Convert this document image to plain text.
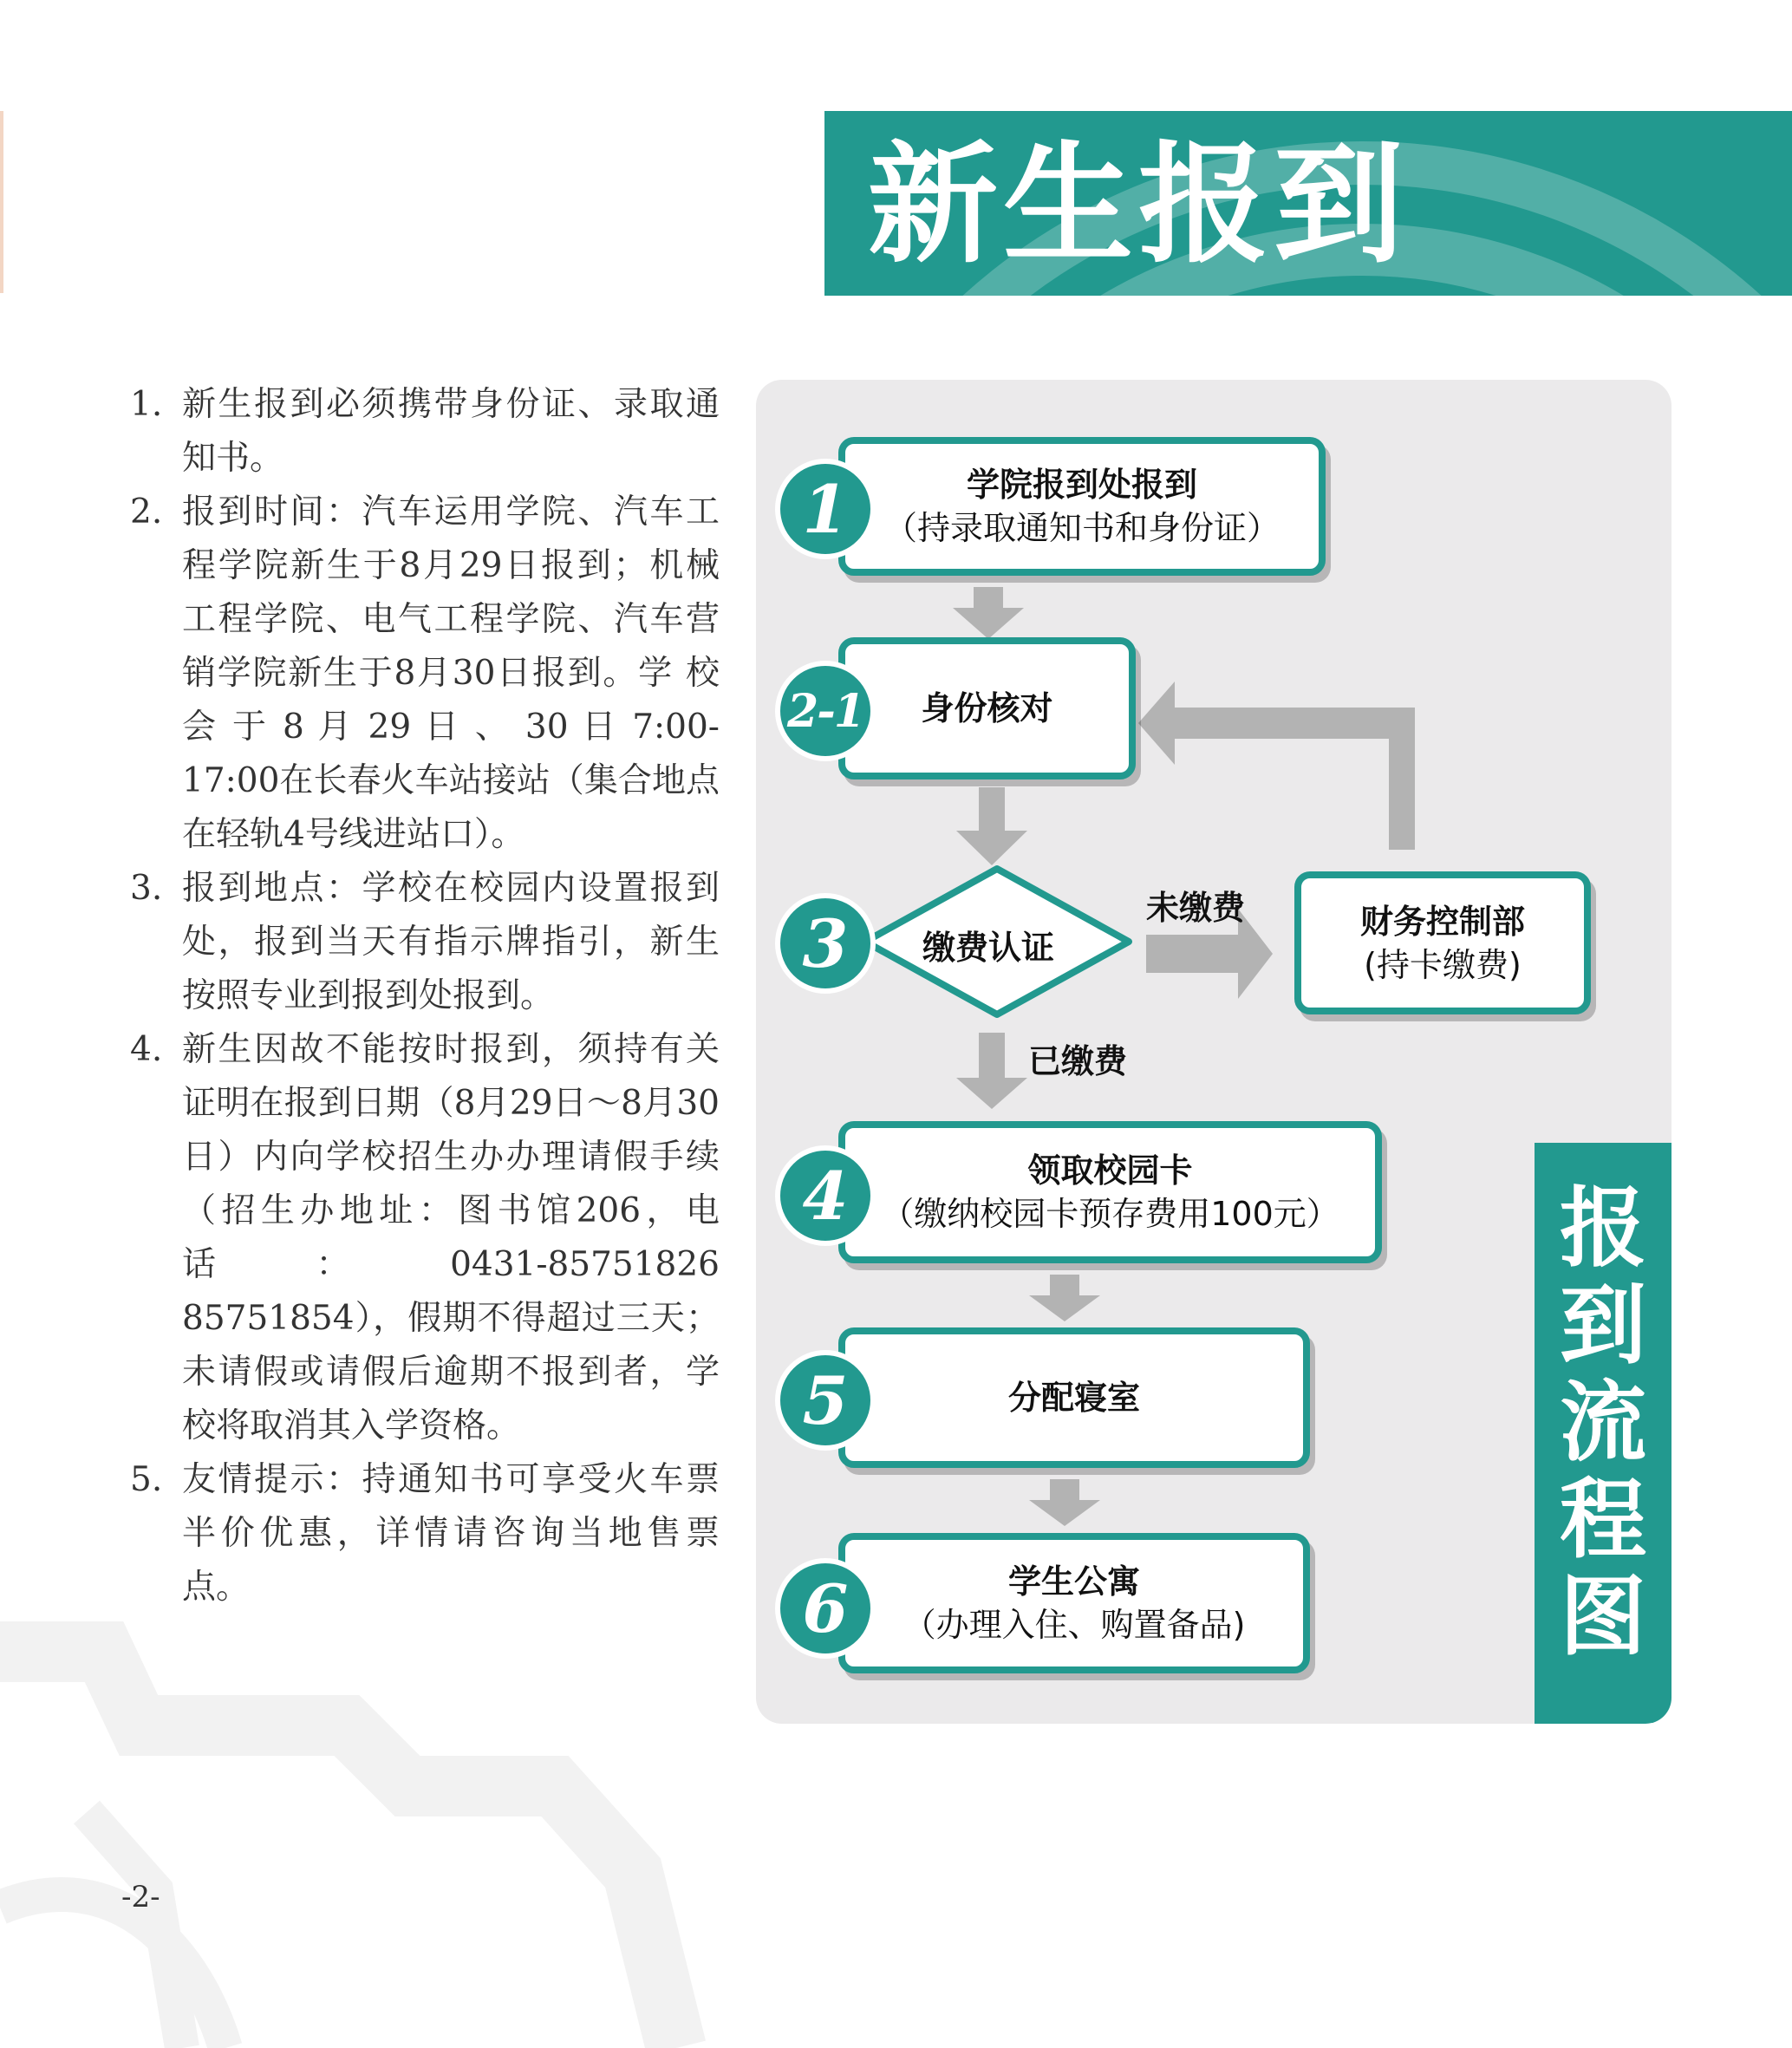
新生报到
1. 新生报到必须携带身份证、录取通知书。
2. 报到时间：汽车运用学院、汽车工程学院新生于8月29日报到；机械工程学院、电气工程学院、汽车营销学院新生于8月30日报到。学 校 会 于 8 月 29 日 、 30 日 7:00-17:00在长春火车站接站（集合地点在轻轨4号线进站口）。
3. 报到地点：学校在校园内设置报到处，报到当天有指示牌指引，新生按照专业到报到处报到。
4. 新生因故不能按时报到，须持有关证明在报到日期（8月29日～8月30日）内向学校招生办办理请假手续（招生办地址：图书馆206，电话：0431-85751826 85751854），假期不得超过三天；未请假或请假后逾期不报到者，学校将取消其入学资格。
5. 友情提示：持通知书可享受火车票半价优惠，详情请咨询当地售票点。
-2-
报
到
流
程
图
学院报到处报到
（持录取通知书和身份证）
1
身份核对
2-1
缴费认证
3	未缴费
已缴费
财务控制部
(持卡缴费)
领取校园卡
（缴纳校园卡预存费用100元）
4
分配寝室
5
学生公寓
（办理入住、购置备品)
6
